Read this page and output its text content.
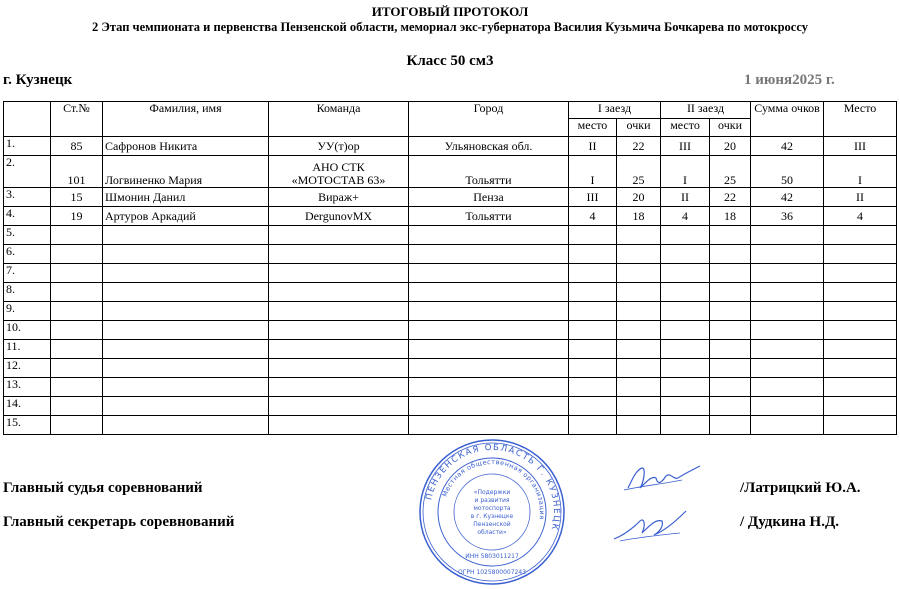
ИТОГОВЫЙ ПРОТОКОЛ
2 Этап чемпионата и первенства Пензенской области, мемориал экс-губернатора Василия Кузьмича Бочкарева по мотокроссу
Класс 50 см3
г. Кузнецк	1 июня2025 г.
	Ст.№	Фамилия, имя	Команда	Город	I заезд		II заезд		Сумма очков	Место
					место	очки	место	очки		
1.	85	Сафронов Никита	УУ(т)ор	Ульяновская обл.	II	22	III	20	42	III
2.	101	Логвиненко Мария	АНО СТК
«МОТОСТАВ 63»	Тольятти	I	25	I	25	50	I
3.	15	Шмонин Данил	Вираж+	Пенза	III	20	II	22	42	II
4.	19	Артуров Аркадий	DergunovMX	Тольятти	4	18	4	18	36	4
5.										
6.										
7.										
8.										
9.										
10.										
11.										
12.										
13.										
14.										
15.										
ПЕНЗЕНСКАЯ ОБЛАСТЬ Г. КУЗНЕЦК
Местная общественная организация
«Подержки
и развития
мотоспорта
в г. Кузнецке
Пензенской
области»
ИНН 5803011217
ОГРН 1025800007243
Главный судья соревнований	/Латрицкий Ю.А.
Главный секретарь соревнований	/ Дудкина Н.Д.
